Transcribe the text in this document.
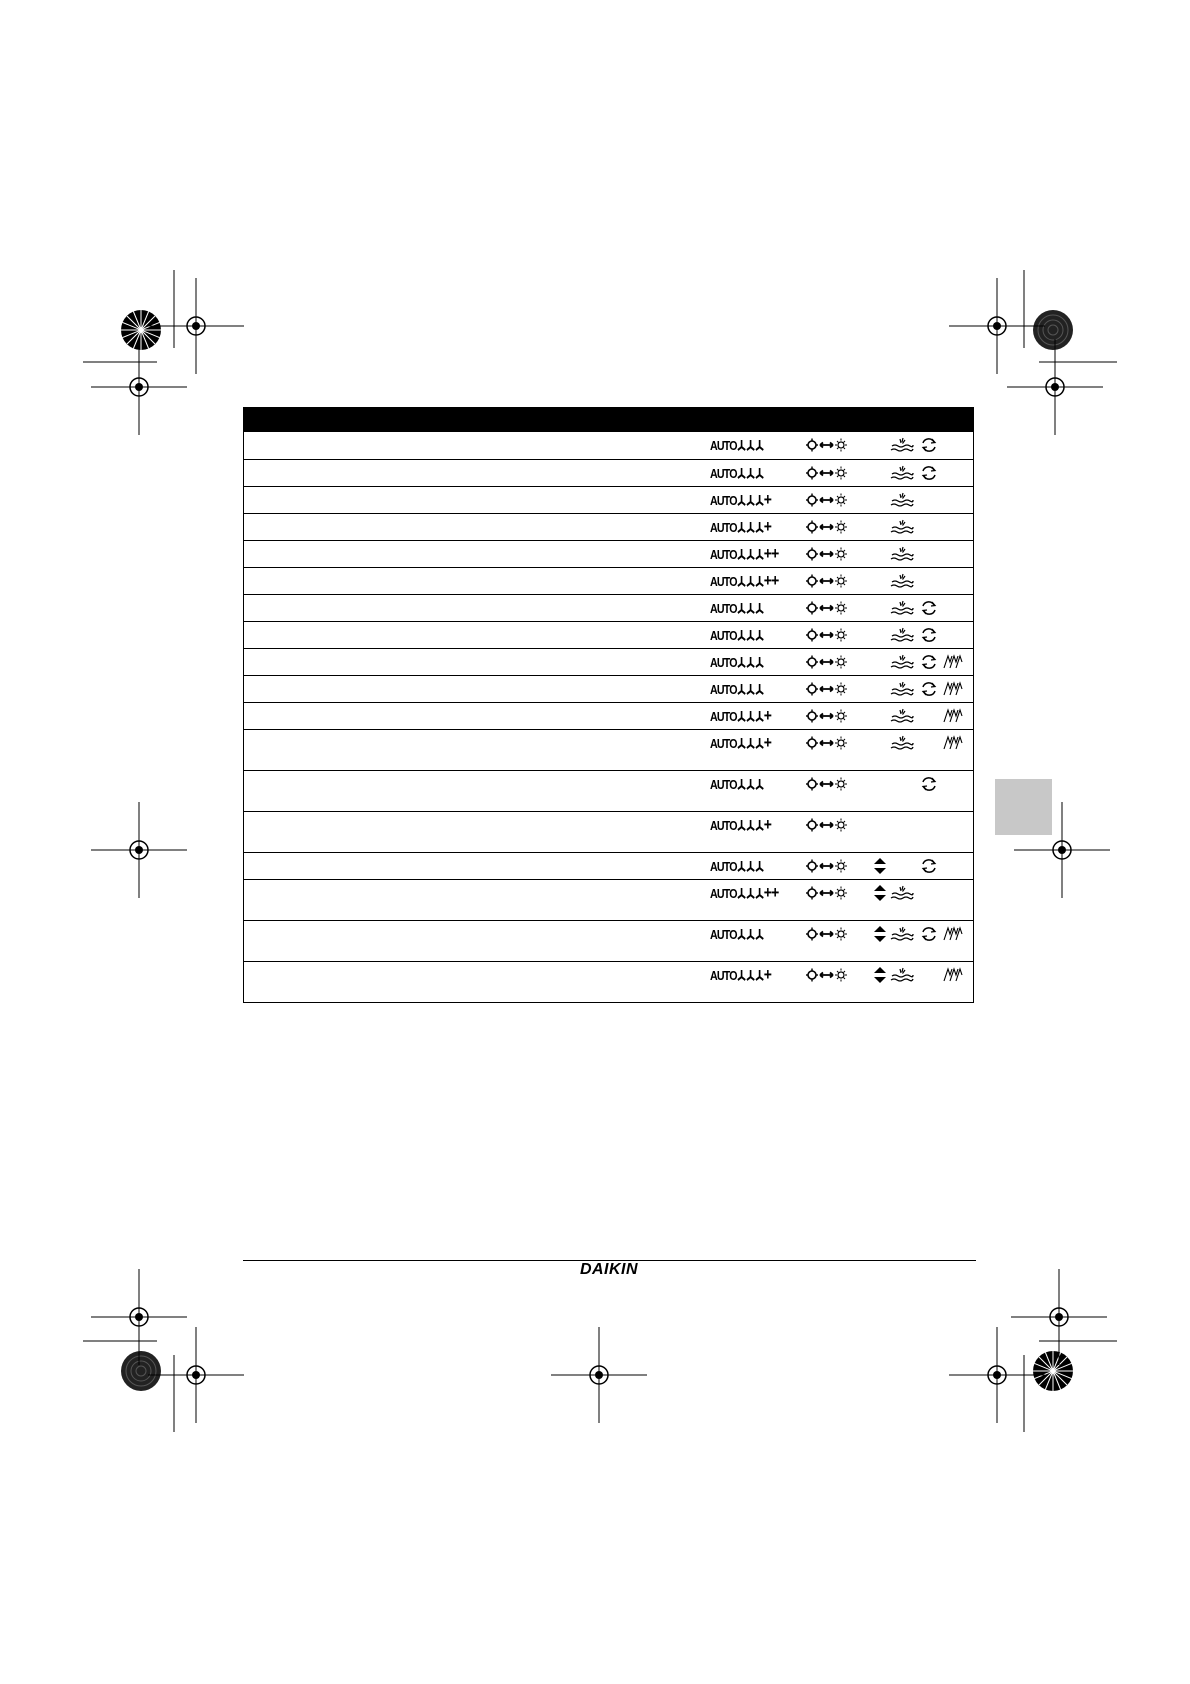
AUTO
AUTO
AUTO +
AUTO +
AUTO ++
AUTO ++
AUTO
AUTO
AUTO
AUTO
AUTO +
AUTO +
AUTO
AUTO +
AUTO
AUTO ++
AUTO
AUTO +
DAIKIN
